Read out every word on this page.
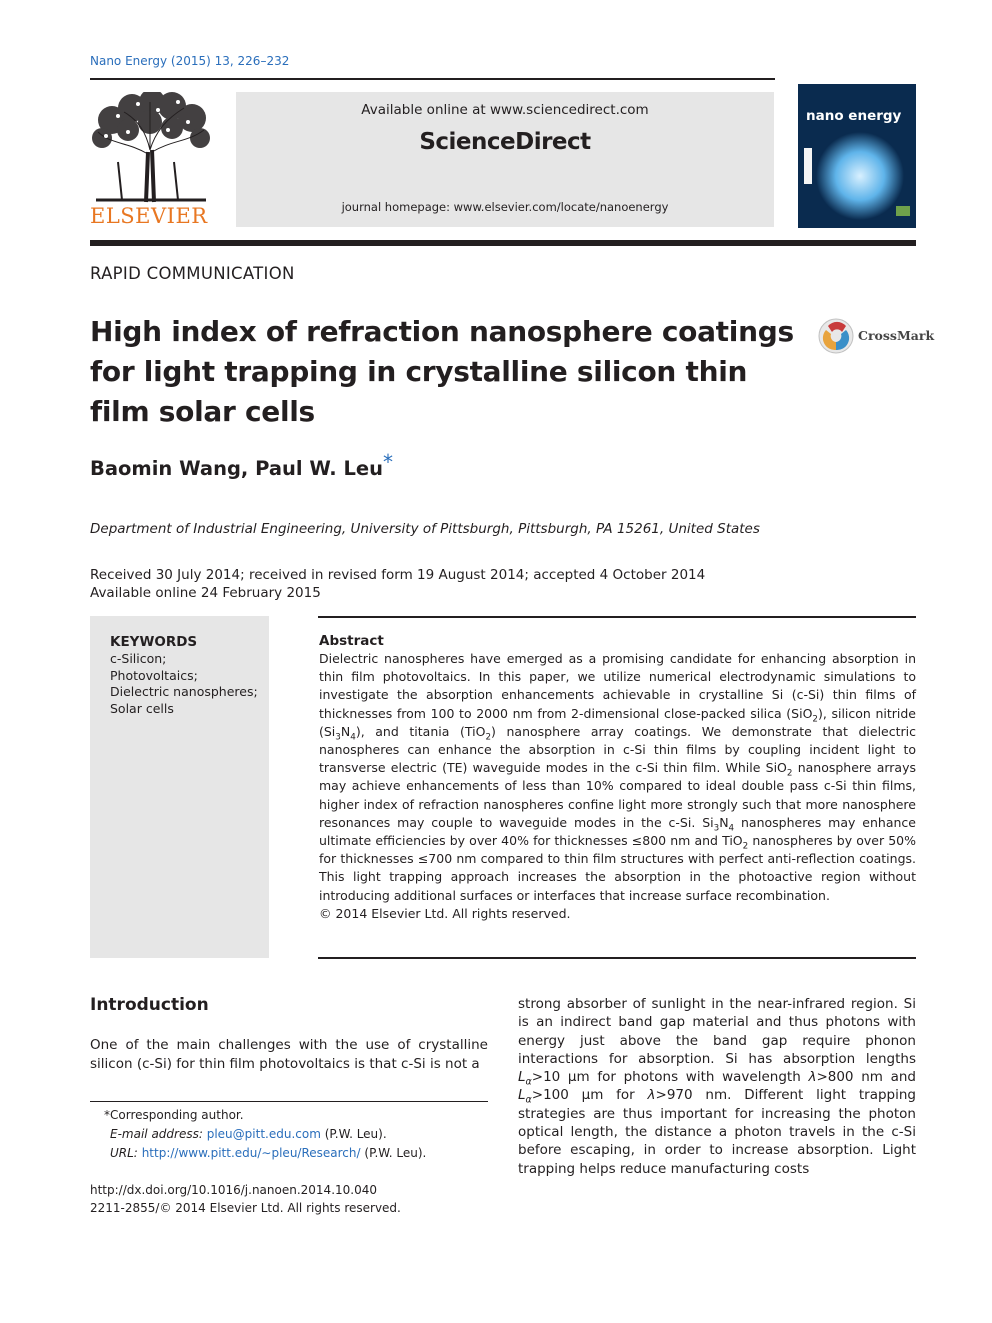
Nano Energy (2015) 13, 226–232
ELSEVIER
Available online at www.sciencedirect.com
ScienceDirect
journal homepage: www.elsevier.com/locate/nanoenergy
nano energy
RAPID COMMUNICATION
High index of refraction nanosphere coatings for light trapping in crystalline silicon thin film solar cells
CrossMark
Baomin Wang, Paul W. Leu*
Department of Industrial Engineering, University of Pittsburgh, Pittsburgh, PA 15261, United States
Received 30 July 2014; received in revised form 19 August 2014; accepted 4 October 2014
Available online 24 February 2015
KEYWORDS
c-Silicon;
Photovoltaics;
Dielectric nanospheres;
Solar cells
Abstract
Dielectric nanospheres have emerged as a promising candidate for enhancing absorption in thin film photovoltaics. In this paper, we utilize numerical electrodynamic simulations to investigate the absorption enhancements achievable in crystalline Si (c-Si) thin films of thicknesses from 100 to 2000 nm from 2-dimensional close-packed silica (SiO$_2$), silicon nitride $(Si_3N_4)$, and titania (TiO$_2$) nanosphere array coatings. We demonstrate that dielectric nanospheres can enhance the absorption in c-Si thin films by coupling incident light to transverse electric (TE) waveguide modes in the c-Si thin film. While SiO$_2$ nanosphere arrays may achieve enhancements of less than 10% compared to ideal double pass c-Si thin films, higher index of refraction nanospheres confine light more strongly such that more nanosphere resonances may couple to waveguide modes in the c-Si. $Si_3N_4$ nanospheres may enhance ultimate efficiencies by over 40% for thicknesses ≤800 nm and TiO$_2$ nanospheres by over 50% for thicknesses ≤700 nm compared to thin film structures with perfect anti-reflection coatings. This light trapping approach increases the absorption in the photoactive region without introducing additional surfaces or interfaces that increase surface recombination.
© 2014 Elsevier Ltd. All rights reserved.
Introduction
One of the main challenges with the use of crystalline silicon (c-Si) for thin film photovoltaics is that c-Si is not a
strong absorber of sunlight in the near-infrared region. Si is an indirect band gap material and thus photons with energy just above the band gap require phonon interactions for absorption. Si has absorption lengths $L_\alpha>10$ μm for photons with wavelength λ>800 nm and $L_\alpha>100$ μm for λ>970 nm. Different light trapping strategies are thus important for increasing the photon optical length, the distance a photon travels in the c-Si before escaping, in order to increase absorption. Light trapping helps reduce manufacturing costs
*Corresponding author.
E-mail address: pleu@pitt.edu.com (P.W. Leu).
URL: http://www.pitt.edu/∼pleu/Research/ (P.W. Leu).
http://dx.doi.org/10.1016/j.nanoen.2014.10.040
2211-2855/© 2014 Elsevier Ltd. All rights reserved.
